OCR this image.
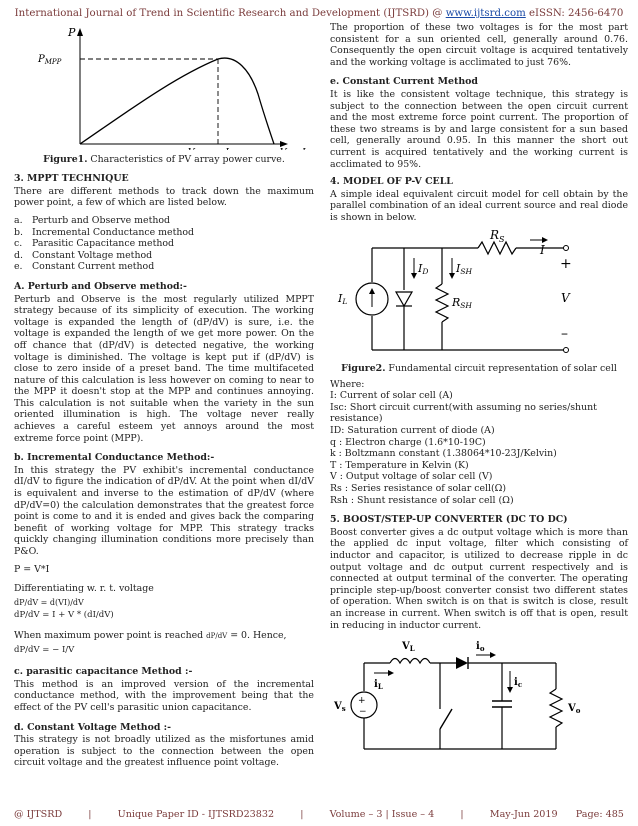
International Journal of Trend in Scientific Research and Development (IJTSRD) @ www.ijtsrd.com eISSN: 2456-6470
P
$P_{MPP}$

Figure1. Characteristics of PV array power curve.

3. MPPT TECHNIQUE

There are different methods to track down the maximum power point, a few of which are listed below.

a. Perturb and Observe method
b. Incremental Conductance method
c. Parasitic Capacitance method
d. Constant Voltage method
e. Constant Current method
A. Perturb and Observe method:-

Perturb and Observe is the most regularly utilized MPPT strategy because of its simplicity of execution. The working voltage is expanded the length of (dP/dV) is sure, i.e. the voltage is expanded the length of we get more power. On the off chance that (dP/dV) is detected negative, the working voltage is diminished. The voltage is kept put if (dP/dV) is close to zero inside of a preset band. The time multifaceted nature of this calculation is less however on coming to near to the MPP it doesn't stop at the MPP and continues annoying. This calculation is not suitable when the variety in the sun oriented illumination is high. The voltage never really achieves a careful esteem yet annoys around the most extreme force point (MPP).

b. Incremental Conductance Method:-

In this strategy the PV exhibit's incremental conductance dI/dV to figure the indication of dP/dV. At the point when dI/dV is equivalent and inverse to the estimation of dP/dV (where dP/dV=0) the calculation demonstrates that the greatest force point is come to and it is ended and gives back the comparing benefit of working voltage for MPP. This strategy tracks quickly changing illumination conditions more precisely than P&O.

P = V*I
Differentiating w. r. t. voltage
dP/dV = d(VI)/dV
dP/dV = I + V * (dI/dV)
When maximum power point is reached dP/dV = 0. Hence,
dP/dV = − I/V
c. parasitic capacitance Method :-

This method is an improved version of the incremental conductance method, with the improvement being that the effect of the PV cell's parasitic union capacitance.

d. Constant Voltage Method :-

This strategy is not broadly utilized as the misfortunes amid operation is subject to the connection between the open circuit voltage and the greatest influence point voltage.

The proportion of these two voltages is for the most part consistent for a sun oriented cell, generally around 0.76. Consequently the open circuit voltage is acquired tentatively and the working voltage is acclimated to just 76%.

e. Constant Current Method

It is like the consistent voltage technique, this strategy is subject to the connection between the open circuit current and the most extreme force point current. The proportion of these two streams is by and large consistent for a sun based cell, generally around 0.95. In this manner the short out current is acquired tentatively and the working current is acclimated to 95%.

4. MODEL OF P-V CELL

A simple ideal equivalent circuit model for cell obtain by the parallel combination of an ideal current source and real diode is shown in below.

$R_S$
I
ID	ISH
RSH
IL
+
V
–

Figure2. Fundamental circuit representation of solar cell

Where:
I: Current of solar cell (A)
Isc: Short circuit current(with assuming no series/shunt resistance)
ID: Saturation current of diode (A)
q : Electron charge (1.6*10-19C)
k : Boltzmann constant (1.38064*10-23J/Kelvin)
T : Temperature in Kelvin (K)
V : Output voltage of solar cell (V)
Rs : Series resistance of solar cell(Ω)
Rsh : Shunt resistance of solar cell (Ω)
5. BOOST/STEP-UP CONVERTER (DC TO DC)

Boost converter gives a dc output voltage which is more than the applied dc input voltage, filter which consisting of inductor and capacitor, is utilized to decrease ripple in dc output voltage and dc output current respectively and is connected at output terminal of the converter. The operating principle step-up/boost converter consist two different states of operation. When switch is on that is switch is close, result an increase in current. When switch is off that is open, result in reducing in inductor current.

+
−
$V_L$	$i_o$
$i_L$	$i_c$
$V_s$	$V_o$
@ IJTSRD	|	Unique Paper ID - IJTSRD23832	|	Volume – 3 | Issue – 4	|	May-Jun 2019 Page: 485
